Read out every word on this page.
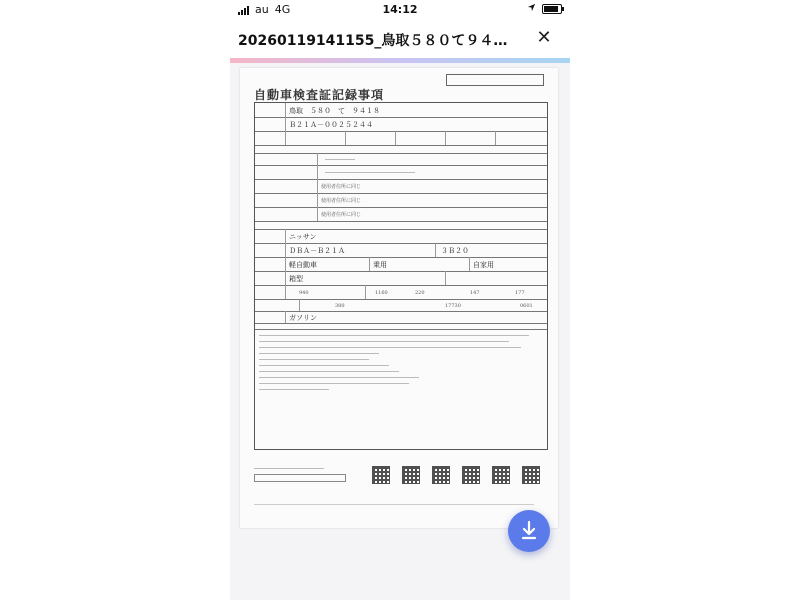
au 4G	14:12
20260119141155_鳥取５８０て９４… ✕
自動車検査証記録事項
鳥取　５８０　て　９４１８
Ｂ２１Ａ－００２５２４４
使用者住所に同じ
使用者住所に同じ
使用者住所に同じ
ニッサン
ＤＢＡ－Ｂ２１Ａ	３Ｂ２０
軽自動車	乗用	自家用
箱型
940	1160	220	147	177
380	17730	0601
ガソリン
